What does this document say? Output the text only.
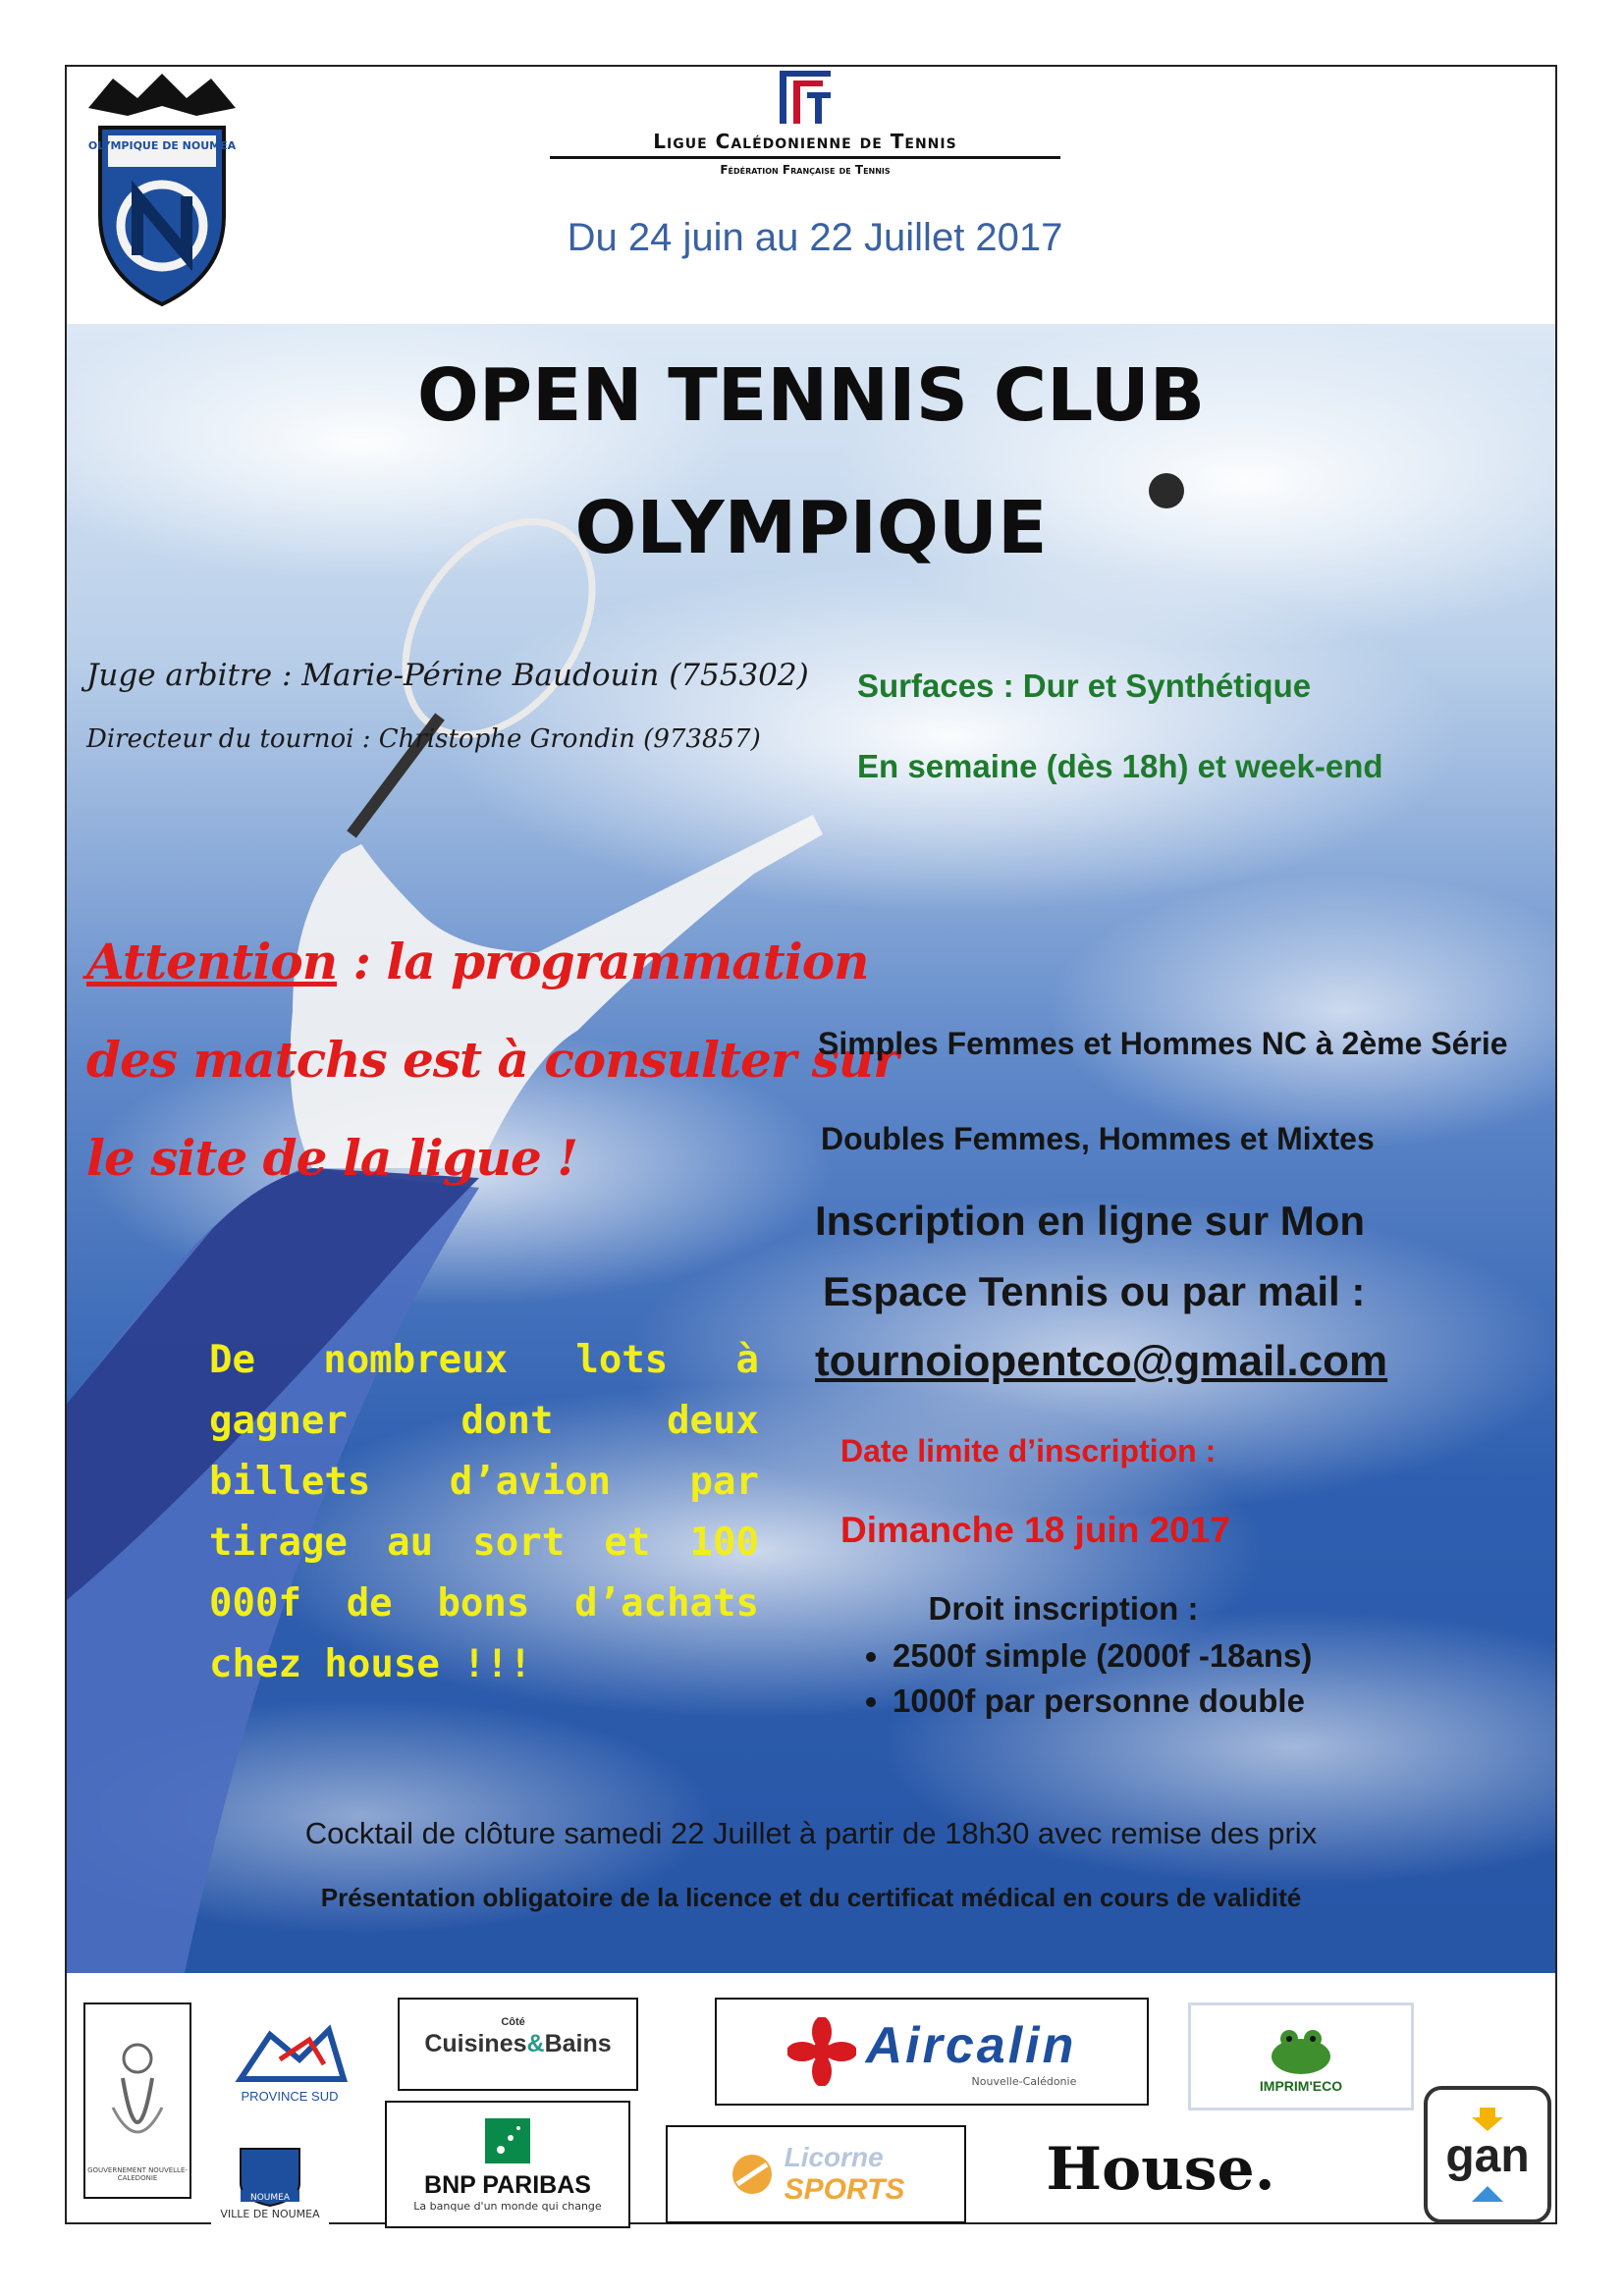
OLYMPIQUE DE NOUMEA	Ligue Calédonienne de Tennis
Fédération Française de Tennis
Du 24 juin au 22 Juillet 2017
OPEN TENNIS CLUB
OLYMPIQUE
Juge arbitre : Marie-Périne Baudouin (755302)
Directeur du tournoi : Christophe Grondin (973857)
Surfaces : Dur et Synthétique
En semaine (dès 18h) et week-end
Attention : la programmation
des matchs est à consulter sur
le site de la ligue !
Simples Femmes et Hommes NC à 2ème Série
Doubles Femmes, Hommes et Mixtes
Inscription en ligne sur Mon
Espace Tennis ou par mail :
tournoiopentco@gmail.com
De nombreux lots à gagner dont deux billets d’avion par tirage au sort et 100 000f de bons d’achats chez house !!!
Date limite d’inscription :
Dimanche 18 juin 2017
Droit inscription :
• 2500f simple (2000f -18ans)
• 1000f par personne double
Cocktail de clôture samedi 22 Juillet à partir de 18h30 avec remise des prix
Présentation obligatoire de la licence et du certificat médical en cours de validité
GOUVERNEMENT NOUVELLE-CALEDONIE
PROVINCE SUD
NOUMEA
VILLE DE NOUMEA
Côté
Cuisines&Bains	Aircalin
Nouvelle-Calédonie	IMPRIM'ECO
BNP PARIBAS
La banque d'un monde qui change
Licorne
SPORTS House.	gan
